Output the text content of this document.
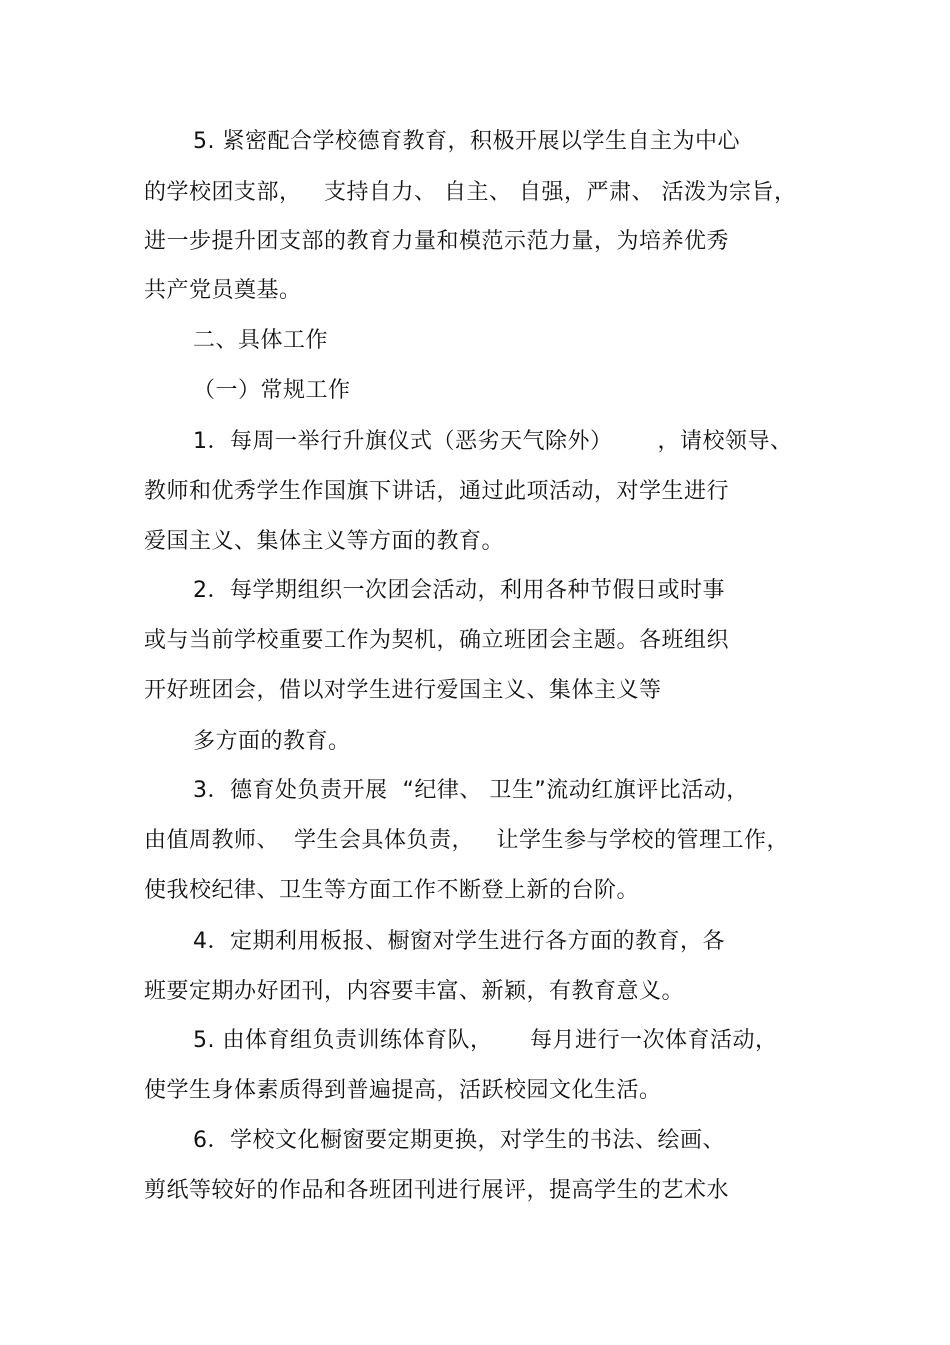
5. 紧密配合学校德育教育，积极开展以学生自主为中心
的学校团支部，   支持自力、 自主、 自强，严肃、 活泼为宗旨，
进一步提升团支部的教育力量和模范示范力量，为培养优秀
共产党员奠基。
二、具体工作
（一）常规工作
1．每周一举行升旗仪式（恶劣天气除外）      ，请校领导、
教师和优秀学生作国旗下讲话，通过此项活动，对学生进行
爱国主义、集体主义等方面的教育。
2．每学期组织一次团会活动，利用各种节假日或时事
或与当前学校重要工作为契机，确立班团会主题。各班组织
开好班团会，借以对学生进行爱国主义、集体主义等
多方面的教育。
3．德育处负责开展  “纪律、 卫生”流动红旗评比活动，
由值周教师、  学生会具体负责，   让学生参与学校的管理工作，
使我校纪律、卫生等方面工作不断登上新的台阶。
4．定期利用板报、橱窗对学生进行各方面的教育，各
班要定期办好团刊，内容要丰富、新颖，有教育意义。
5. 由体育组负责训练体育队，     每月进行一次体育活动，
使学生身体素质得到普遍提高，活跃校园文化生活。
6．学校文化橱窗要定期更换，对学生的书法、绘画、
剪纸等较好的作品和各班团刊进行展评，提高学生的艺术水
